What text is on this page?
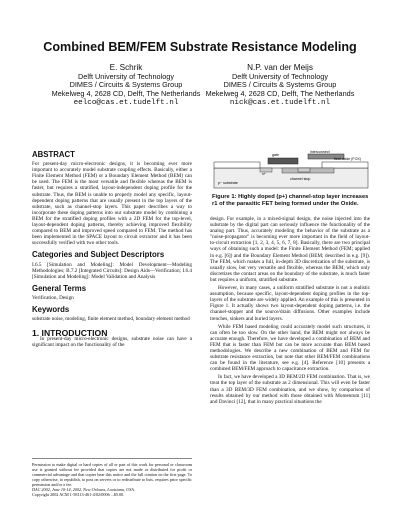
Combined BEM/FEM Substrate Resistance Modeling
E. Schrik
Delft University of Technology
DIMES / Circuits & Systems Group
Mekelweg 4, 2628 CD, Delft, The Netherlands
eelco@cas.et.tudelft.nl
N.P. van der Meijs
Delft University of Technology
DIMES / Circuits & Systems Group
Mekelweg 4, 2628 CD, Delft, The Netherlands
nick@cas.et.tudelft.nl
ABSTRACT

For present-day micro-electronic designs, it is becoming ever more important to accurately model substrate coupling effects. Basically, either a Finite Element Method (FEM) or a Boundary Element Method (BEM) can be used. The FEM is the most versatile and flexible whereas the BEM is faster, but requires a stratified, layout-independent doping profile for the substrate. Thus, the BEM is unable to properly model any specific, layout-dependent doping patterns that are usually present in the top layers of the substrate, such as channel-stop layers. This paper describes a way to incorporate these doping patterns into our substrate model by combining a BEM for the stratified doping profiles with a 2D FEM for the top-level, layout-dependent doping patterns, thereby achieving improved flexibility compared to BEM and improved speed compared to FEM. The method has been implemented in the SPACE layout to circuit extractor and it has been successfully verified with two other tools.

Categories and Subject Descriptors

I.6.5 [Simulation and Modeling]: Model Development—Modeling Methodologies; B.7.2 [Integrated Circuits]: Design Aids—Verification; I.6.4 [Simulation and Modeling]: Model Validation and Analysis

General Terms

Verification, Design

Keywords

substrate noise, modeling, finite element method, boundary element method

1. INTRODUCTION

In present-day micro-electronic designs, substrate noise can have a significant impact on the functionality of the

Permission to make digital or hard copies of all or part of this work for personal or classroom use is granted without fee provided that copies are not made or distributed for profit or commercial advantage and that copies bear this notice and the full citation on the first page. To copy otherwise, to republish, to post on servers or to redistribute to lists, requires prior specific permission and/or a fee.
DAC 2002, June 10-14, 2002, New Orleans, Louisiana, USA.
Copyright 2002 ACM 1-58113-461-4/02/0006 ...$5.00.
gate
interconnect
field oxide (FOX)
p− substrate
channel stop
n+
Figure 1: Highly doped (p+) channel-stop layer increases r1 of the parasitic FET being formed under the Oxide.

design. For example, in a mixed-signal design, the noise injected into the substrate by the digital part can seriously influence the functionality of the analog part. Thus, accurately modeling the behavior of the substrate as a "noise-propagator" is becoming ever more important in the field of layout-to-circuit extraction [1, 2, 3, 4, 5, 6, 7, 8]. Basically, there are two principal ways of obtaining such a model: the Finite Element Method (FEM; applied in e.g. [6]) and the Boundary Element Method (BEM; described in e.g. [9]). The FEM, which makes a full, in-depth 3D discretization of the substrate, is usually slow, but very versatile and flexible, whereas the BEM, which only discretizes the contact areas on the boundary of the substrate, is much faster but requires a uniform, stratified substrate.

However, in many cases, a uniform stratified substrate is not a realistic assumption, because specific, layout-dependent doping profiles in the top-layers of the substrate are widely applied. An example of this is presented in Figure 1. It actually shows two layout-dependent doping patterns, i.e. the channel-stopper and the source/drain diffusions. Other examples include trenches, sinkers and buried layers.

While FEM based modeling could accurately model such structures, it can often be too slow. On the other hand, the BEM might not always be accurate enough. Therefore, we have developed a combination of BEM and FEM that is faster than FEM but can be more accurate than BEM based methodologies. We describe a new combination of BEM and FEM for substrate resistance extraction, but note that other BEM/FEM combinations can be found in the literature, see e.g. [4]. Reference [10] presents a combined BEM/FEM approach to capacitance extraction.

In fact, we have developed a 3D BEM/2D FEM combination. That is, we treat the top layer of the substrate as 2 dimensional. This will even be faster than a 3D BEM/3D FEM combination, and we show, by comparison of results obtained by our method with those obtained with Momentum [11] and Davinci [12], that in many practical situations the
